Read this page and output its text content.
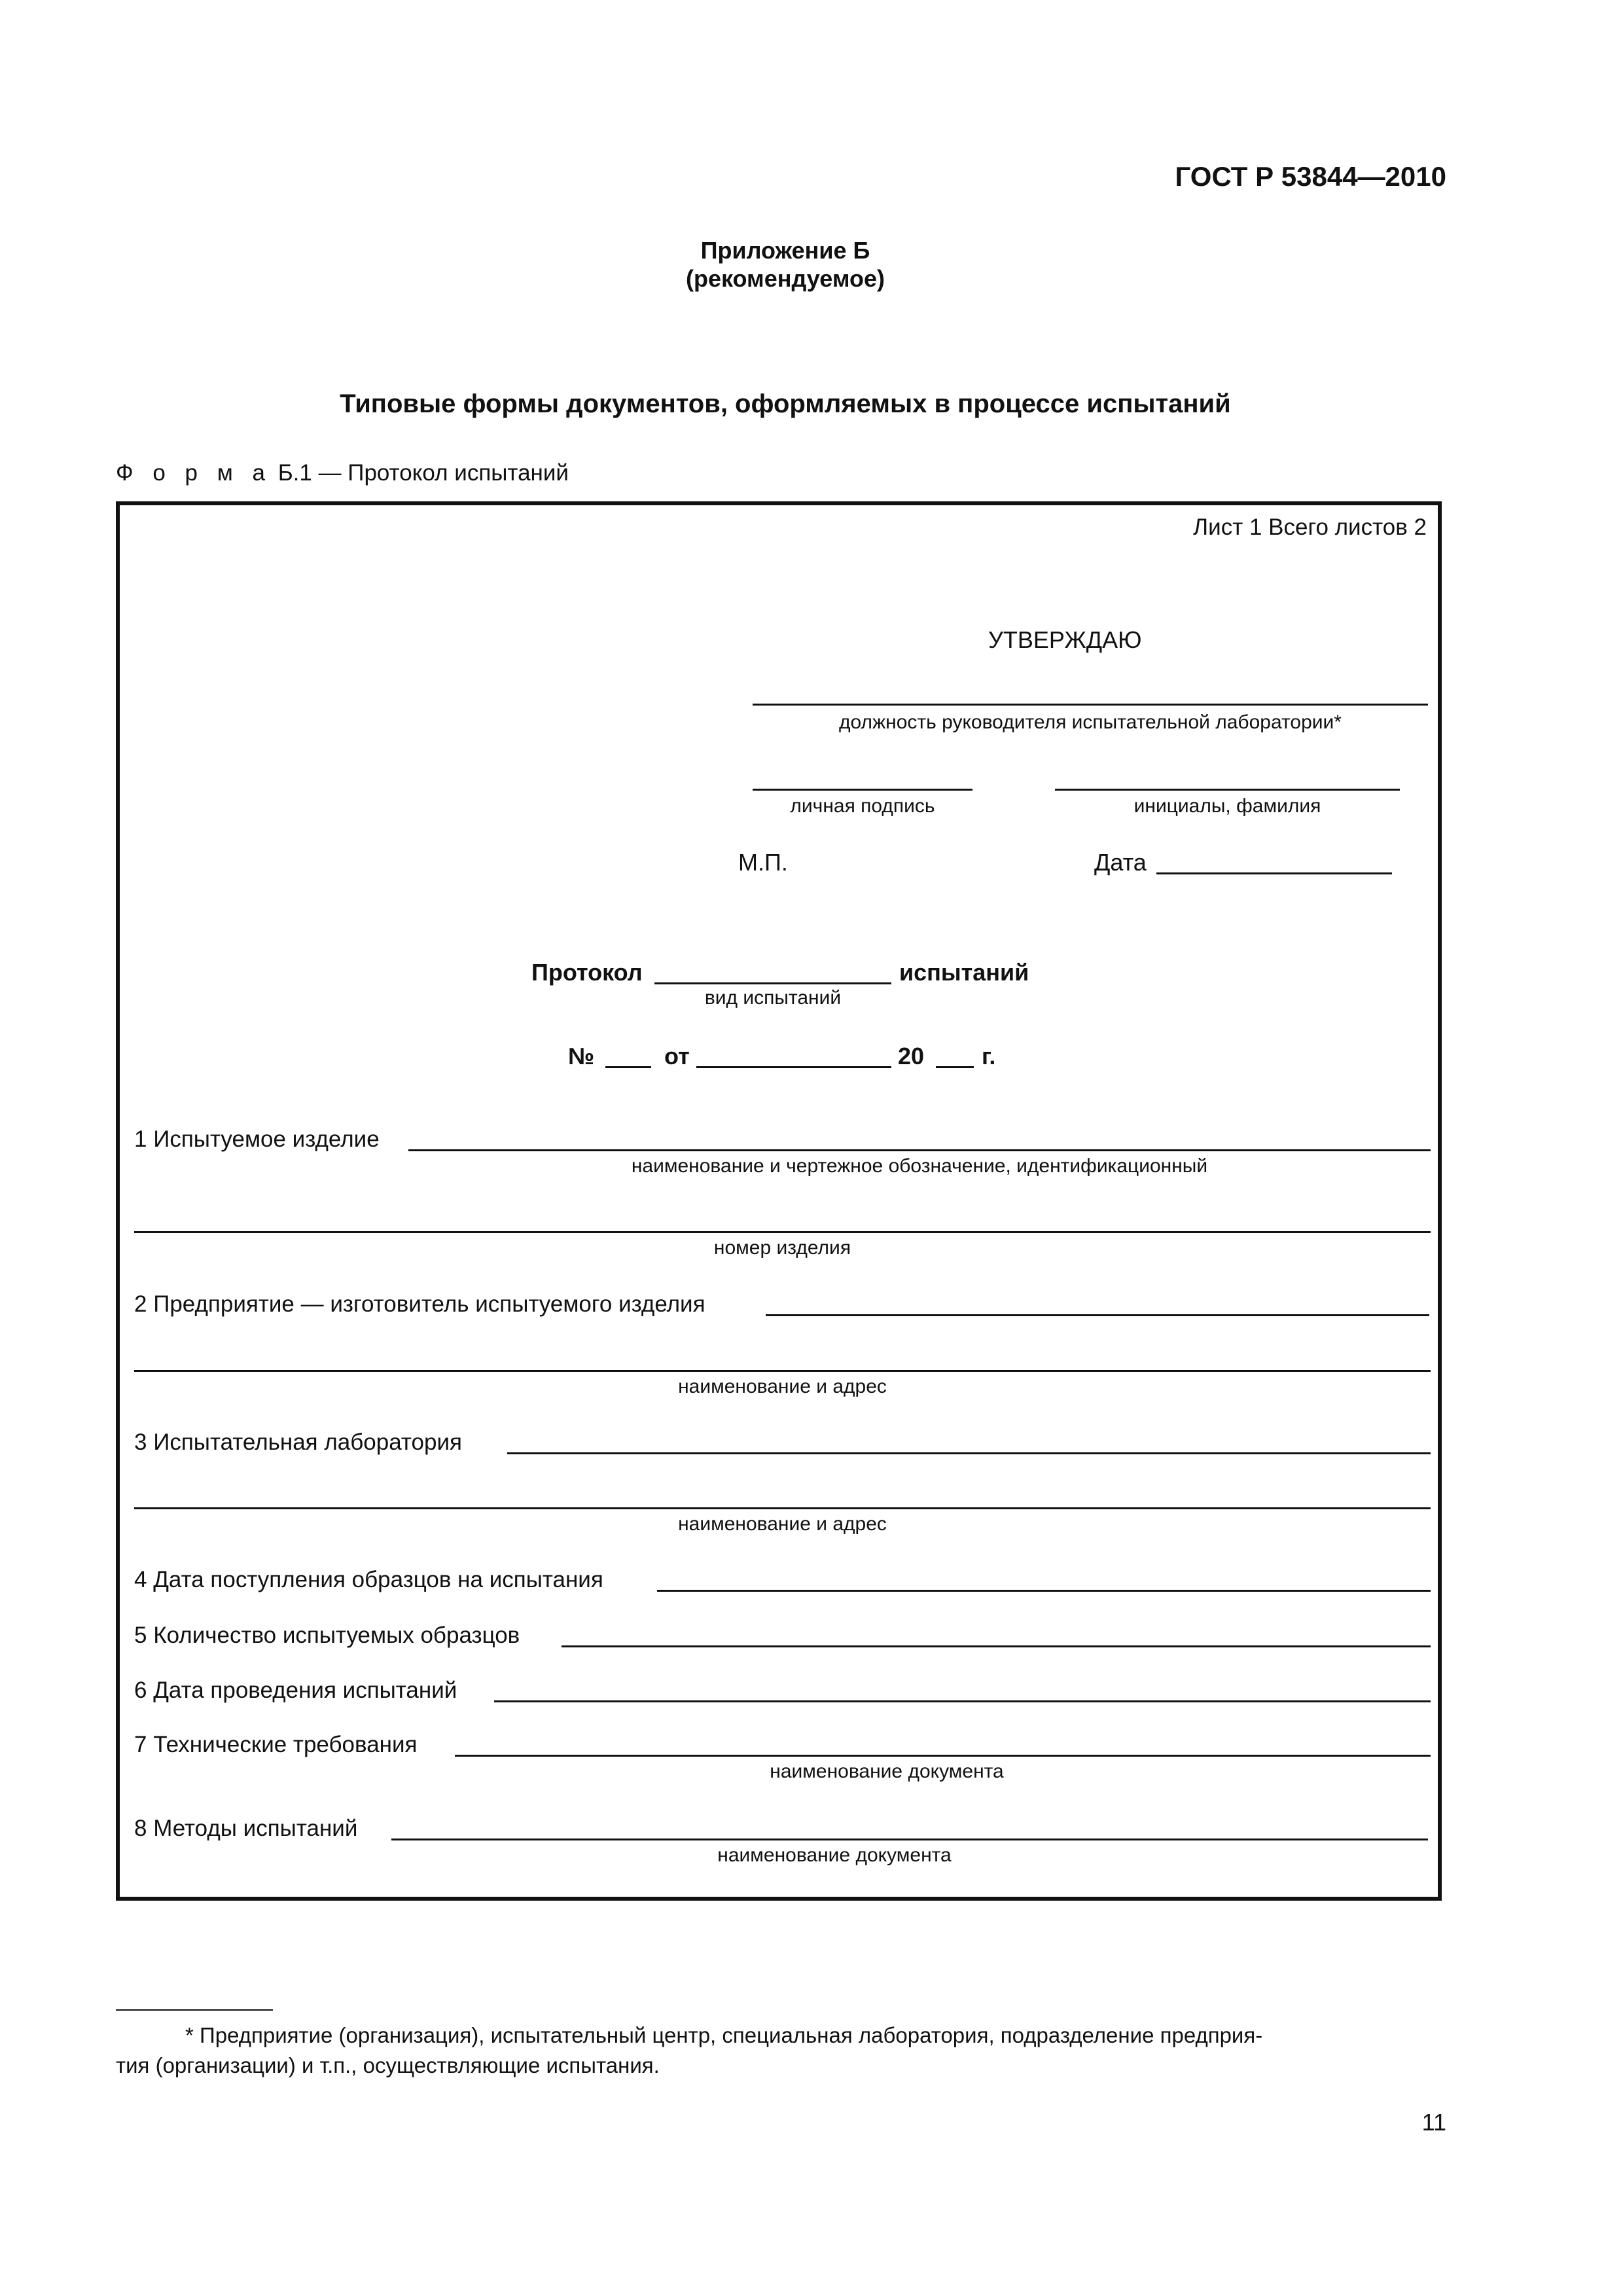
ГОСТ Р 53844—2010
Приложение Б
(рекомендуемое)
Типовые формы документов, оформляемых в процессе испытаний
Ф о р м а Б.1 — Протокол испытаний
Лист 1 Всего листов 2
УТВЕРЖДАЮ
должность руководителя испытательной лаборатории*
личная подпись	инициалы, фамилия
М.П.	Дата
Протокол	испытаний
вид испытаний
№	от	20 г.
1 Испытуемое изделие
наименование и чертежное обозначение, идентификационный
номер изделия
2 Предприятие — изготовитель испытуемого изделия
наименование и адрес
3 Испытательная лаборатория
наименование и адрес
4 Дата поступления образцов на испытания
5 Количество испытуемых образцов
6 Дата проведения испытаний
7 Технические требования
наименование документа
8 Методы испытаний
наименование документа
* Предприятие (организация), испытательный центр, специальная лаборатория, подразделение предприя-
тия (организации) и т.п., осуществляющие испытания.
11
